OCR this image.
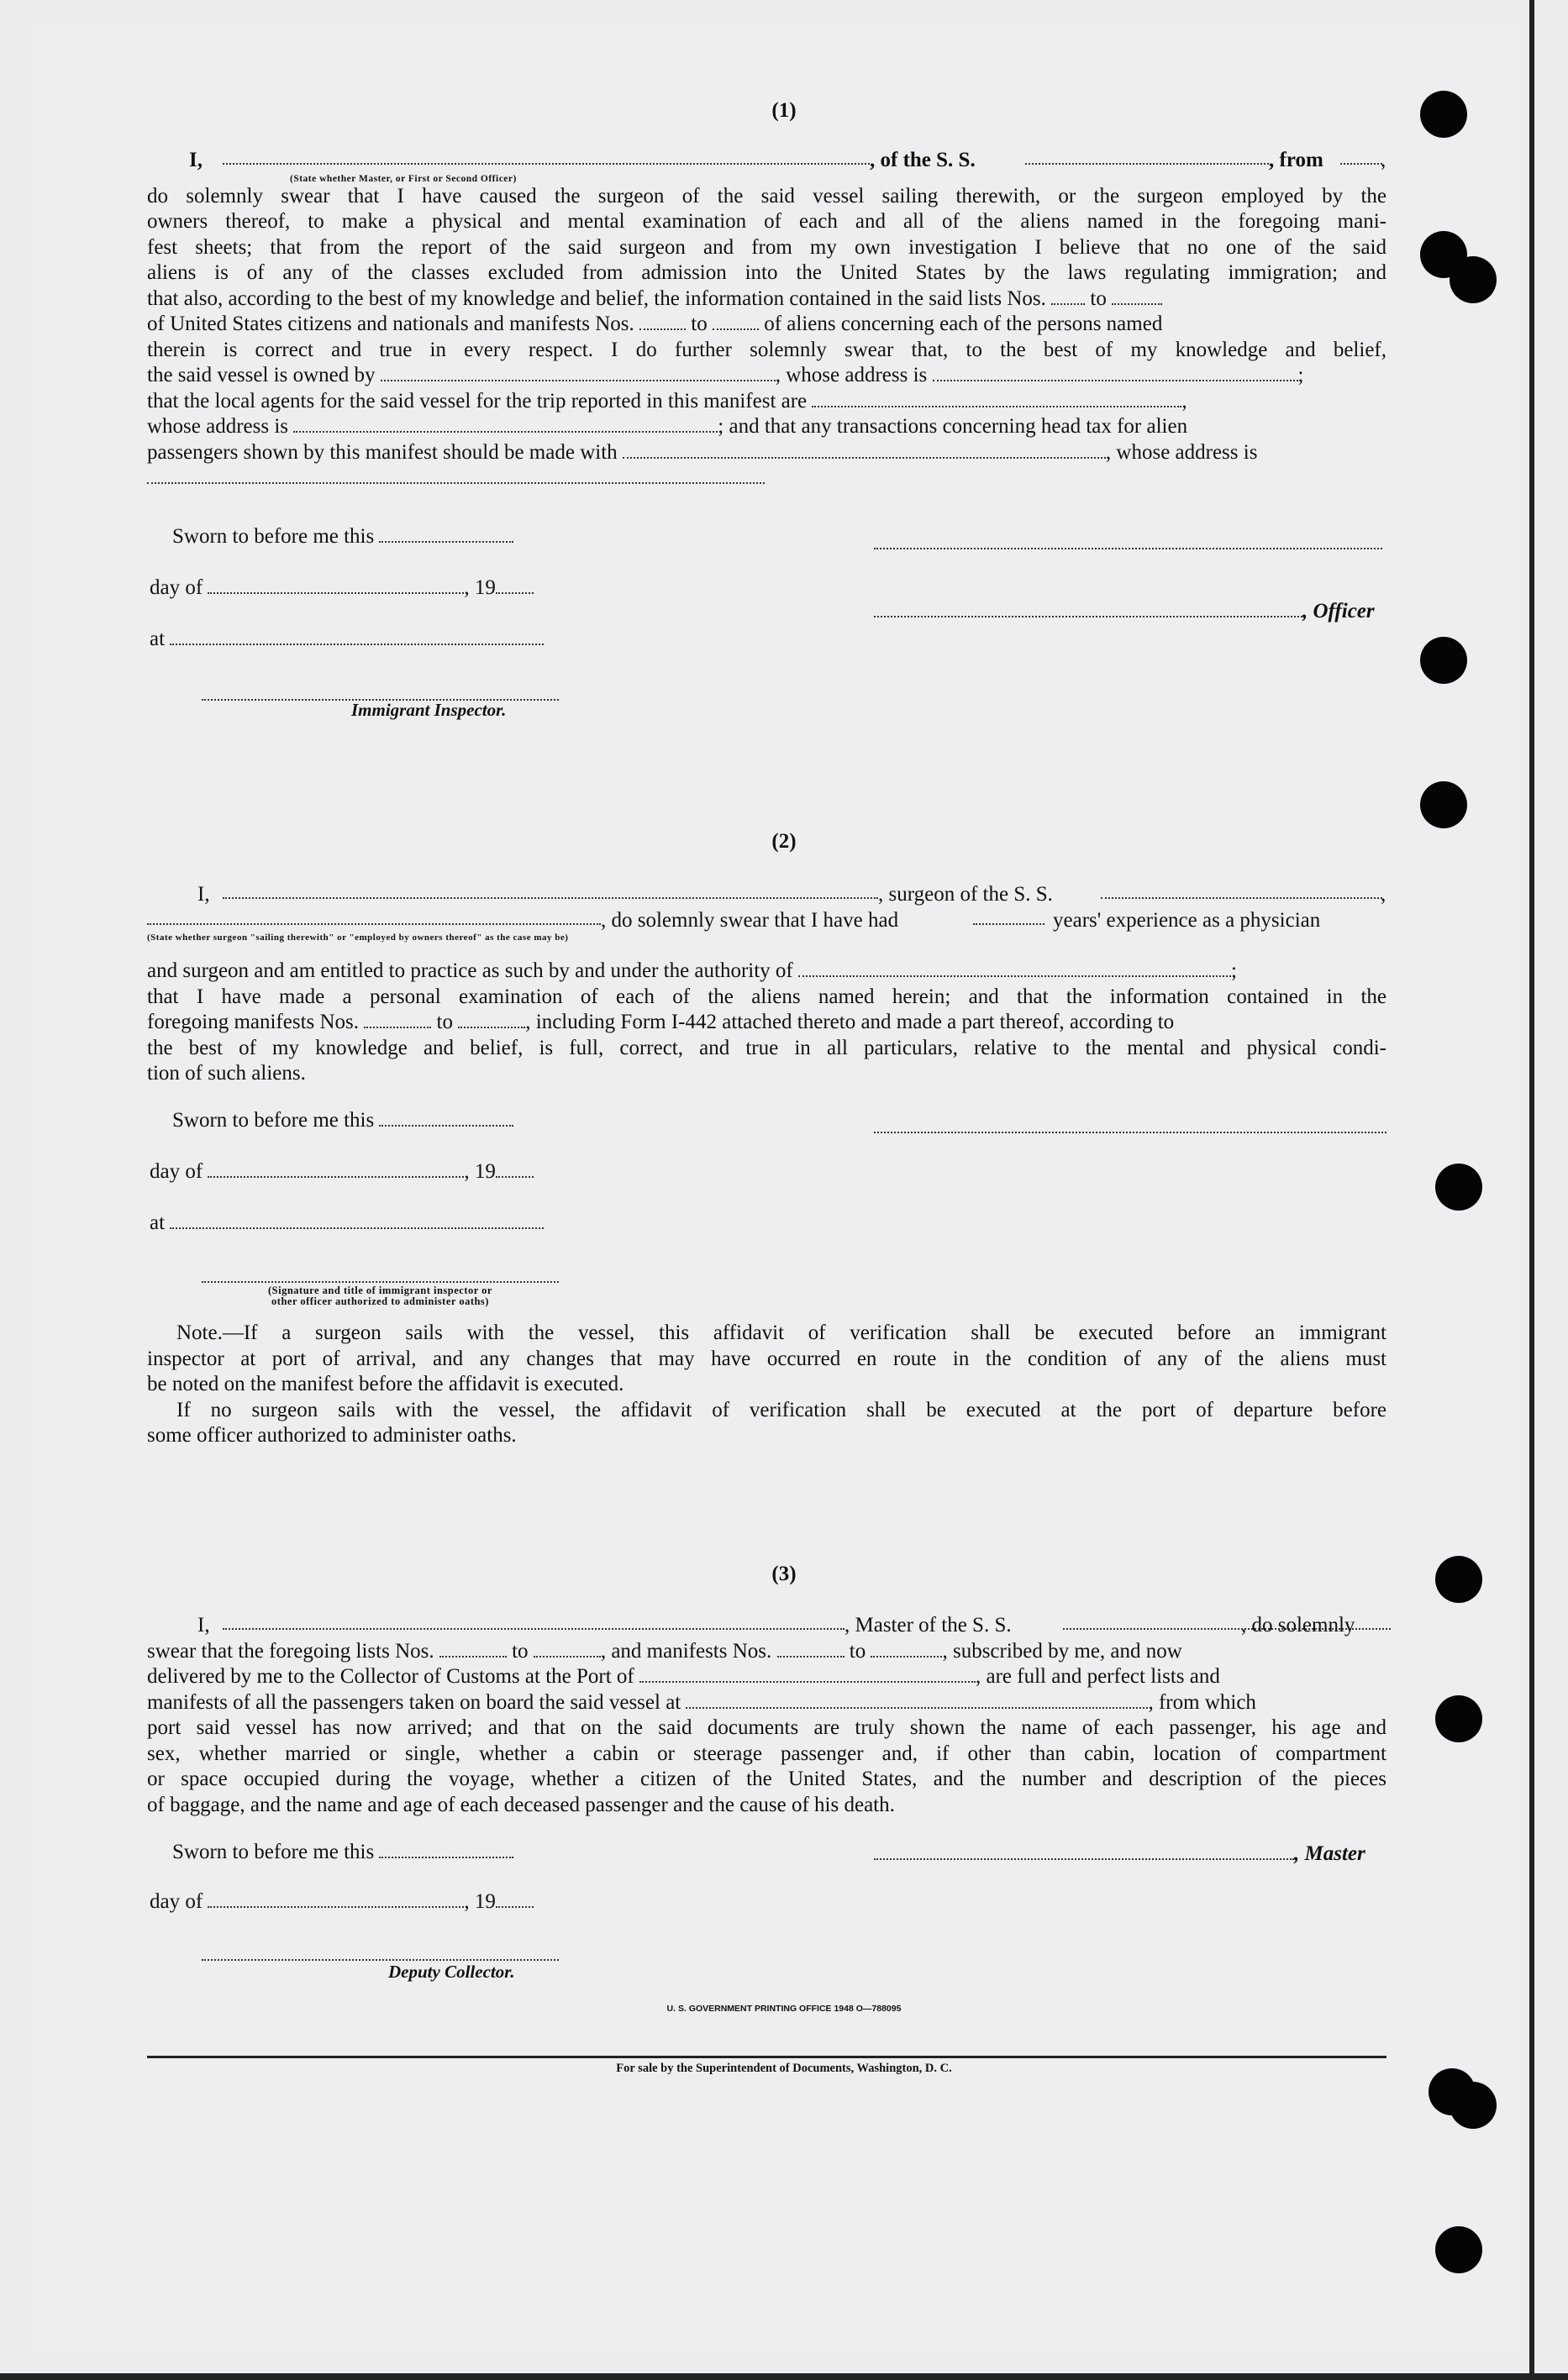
(1)
I,	, of the S. S.	, from	,
(State whether Master, or First or Second Officer)
do solemnly swear that I have caused the surgeon of the said vessel sailing therewith, or the surgeon employed by the
owners thereof, to make a physical and mental examination of each and all of the aliens named in the foregoing mani-
fest sheets; that from the report of the said surgeon and from my own investigation I believe that no one of the said
aliens is of any of the classes excluded from admission into the United States by the laws regulating immigration; and
that also, according to the best of my knowledge and belief, the information contained in the said lists Nos. to
of United States citizens and nationals and manifests Nos.	to	of aliens concerning each of the persons named
therein is correct and true in every respect. I do further solemnly swear that, to the best of my knowledge and belief,
the said vessel is owned by	, whose address is	;
that the local agents for the said vessel for the trip reported in this manifest are	,
whose address is	; and that any transactions concerning head tax for alien
passengers shown by this manifest should be made with	, whose address is
Sworn to before me this
day of	, 19
, Officer
at
Immigrant Inspector.
(2)
I,	, surgeon of the S. S.	,
, do solemnly swear that I have had	years' experience as a physician
(State whether surgeon "sailing therewith" or "employed by owners thereof" as the case may be)
and surgeon and am entitled to practice as such by and under the authority of	;
that I have made a personal examination of each of the aliens named herein; and that the information contained in the
foregoing manifests Nos.	to	, including Form I-442 attached thereto and made a part thereof, according to
the best of my knowledge and belief, is full, correct, and true in all particulars, relative to the mental and physical condi-
tion of such aliens.
Sworn to before me this
day of	, 19
at
(Signature and title of immigrant inspector or
other officer authorized to administer oaths)
Note.—If a surgeon sails with the vessel, this affidavit of verification shall be executed before an immigrant
inspector at port of arrival, and any changes that may have occurred en route in the condition of any of the aliens must
be noted on the manifest before the affidavit is executed.
If no surgeon sails with the vessel, the affidavit of verification shall be executed at the port of departure before
some officer authorized to administer oaths.
(3)
I,	, Master of the S. S.	, do solemnly
swear that the foregoing lists Nos.	to	, and manifests Nos.	to	, subscribed by me, and now
delivered by me to the Collector of Customs at the Port of	, are full and perfect lists and
manifests of all the passengers taken on board the said vessel at	, from which
port said vessel has now arrived; and that on the said documents are truly shown the name of each passenger, his age and
sex, whether married or single, whether a cabin or steerage passenger and, if other than cabin, location of compartment
or space occupied during the voyage, whether a citizen of the United States, and the number and description of the pieces
of baggage, and the name and age of each deceased passenger and the cause of his death.
Sworn to before me this	, Master
day of	, 19
Deputy Collector.
U. S. GOVERNMENT PRINTING OFFICE 1948 O—788095
For sale by the Superintendent of Documents, Washington, D. C.
